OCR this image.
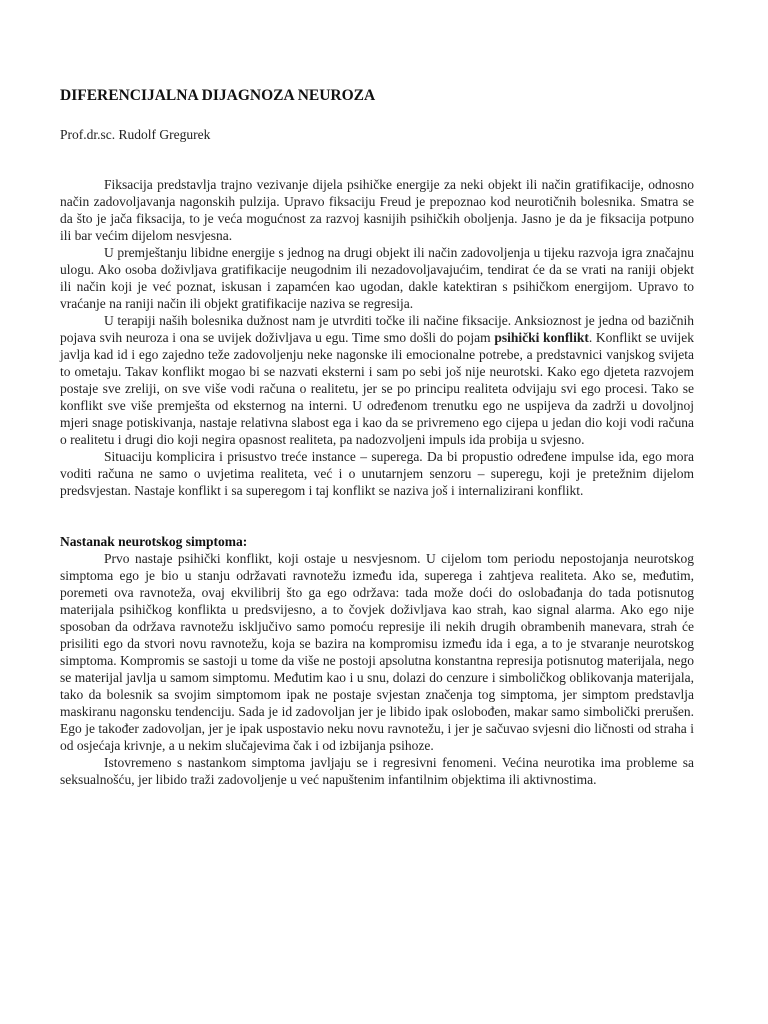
DIFERENCIJALNA DIJAGNOZA NEUROZA

Prof.dr.sc. Rudolf Gregurek

Fiksacija predstavlja trajno vezivanje dijela psihičke energije za neki objekt ili način gratifikacije, odnosno način zadovoljavanja nagonskih pulzija. Upravo fiksaciju Freud je prepoznao kod neurotičnih bolesnika. Smatra se da što je jača fiksacija, to je veća mogućnost za razvoj kasnijih psihičkih oboljenja. Jasno je da je fiksacija potpuno ili bar većim dijelom nesvjesna.

U premještanju libidne energije s jednog na drugi objekt ili način zadovoljenja u tijeku razvoja igra značajnu ulogu. Ako osoba doživljava gratifikacije neugodnim ili nezadovoljavajućim, tendirat će da se vrati na raniji objekt ili način koji je već poznat, iskusan i zapamćen kao ugodan, dakle katektiran s psihičkom energijom. Upravo to vraćanje na raniji način ili objekt gratifikacije naziva se regresija.

U terapiji naših bolesnika dužnost nam je utvrditi točke ili načine fiksacije. Anksioznost je jedna od bazičnih pojava svih neuroza i ona se uvijek doživljava u egu. Time smo došli do pojam psihički konflikt. Konflikt se uvijek javlja kad id i ego zajedno teže zadovoljenju neke nagonske ili emocionalne potrebe, a predstavnici vanjskog svijeta to ometaju. Takav konflikt mogao bi se nazvati eksterni i sam po sebi još nije neurotski. Kako ego djeteta razvojem postaje sve zreliji, on sve više vodi računa o realitetu, jer se po principu realiteta odvijaju svi ego procesi. Tako se konflikt sve više premješta od eksternog na interni. U određenom trenutku ego ne uspijeva da zadrži u dovoljnoj mjeri snage potiskivanja, nastaje relativna slabost ega i kao da se privremeno ego cijepa u jedan dio koji vodi računa o realitetu i drugi dio koji negira opasnost realiteta, pa nadozvoljeni impuls ida probija u svjesno.

Situaciju komplicira i prisustvo treće instance – superega. Da bi propustio određene impulse ida, ego mora voditi računa ne samo o uvjetima realiteta, već i o unutarnjem senzoru – superegu, koji je pretežnim dijelom predsvjestan. Nastaje konflikt i sa superegom i taj konflikt se naziva još i internalizirani konflikt.

Nastanak neurotskog simptoma:

Prvo nastaje psihički konflikt, koji ostaje u nesvjesnom. U cijelom tom periodu nepostojanja neurotskog simptoma ego je bio u stanju održavati ravnotežu između ida, superega i zahtjeva realiteta. Ako se, međutim, poremeti ova ravnoteža, ovaj ekvilibrij što ga ego održava: tada može doći do oslobađanja do tada potisnutog materijala psihičkog konflikta u predsvijesno, a to čovjek doživljava kao strah, kao signal alarma. Ako ego nije sposoban da održava ravnotežu isključivo samo pomoću represije ili nekih drugih obrambenih manevara, strah će prisiliti ego da stvori novu ravnotežu, koja se bazira na kompromisu između ida i ega, a to je stvaranje neurotskog simptoma. Kompromis se sastoji u tome da više ne postoji apsolutna konstantna represija potisnutog materijala, nego se materijal javlja u samom simptomu. Međutim kao i u snu, dolazi do cenzure i simboličkog oblikovanja materijala, tako da bolesnik sa svojim simptomom ipak ne postaje svjestan značenja tog simptoma, jer simptom predstavlja maskiranu nagonsku tendenciju. Sada je id zadovoljan jer je libido ipak oslobođen, makar samo simbolički prerušen. Ego je također zadovoljan, jer je ipak uspostavio neku novu ravnotežu, i jer je sačuvao svjesni dio ličnosti od straha i od osjećaja krivnje, a u nekim slučajevima čak i od izbijanja psihoze.

Istovremeno s nastankom simptoma javljaju se i regresivni fenomeni. Većina neurotika ima probleme sa seksualnošću, jer libido traži zadovoljenje u već napuštenim infantilnim objektima ili aktivnostima.
